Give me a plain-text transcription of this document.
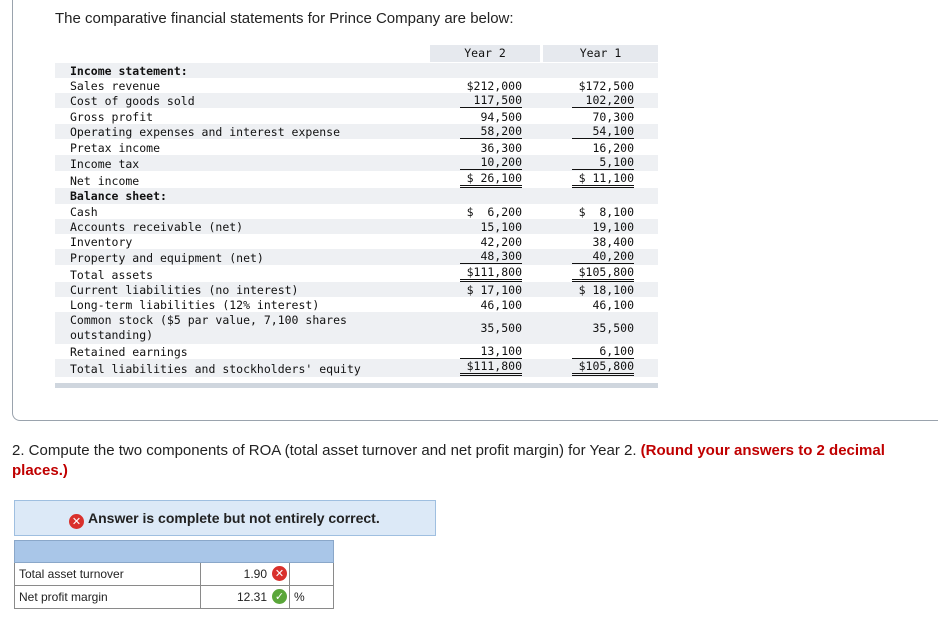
The comparative financial statements for Prince Company are below:
Year 2	Year 1
Income statement:
Sales revenue	$212,000	$172,500
Cost of goods sold	117,500	102,200
Gross profit	94,500	70,300
Operating expenses and interest expense	58,200	54,100
Pretax income	36,300	16,200
Income tax	10,200	5,100
Net income	$ 26,100	$ 11,100
Balance sheet:
Cash	$  6,200	$  8,100
Accounts receivable (net)	15,100	19,100
Inventory	42,200	38,400
Property and equipment (net)	48,300	40,200
Total assets	$111,800	$105,800
Current liabilities (no interest)	$ 17,100	$ 18,100
Long-term liabilities (12% interest)	46,100	46,100
Common stock ($5 par value, 7,100 shares outstanding)	35,500	35,500
Retained earnings	13,100	6,100
Total liabilities and stockholders' equity	$111,800	$105,800
2. Compute the two components of ROA (total asset turnover and net profit margin) for Year 2. (Round your answers to 2 decimal places.)
✕ Answer is complete but not entirely correct.
Total asset turnover	1.90 ✕
Net profit margin	12.31 ✓ %
